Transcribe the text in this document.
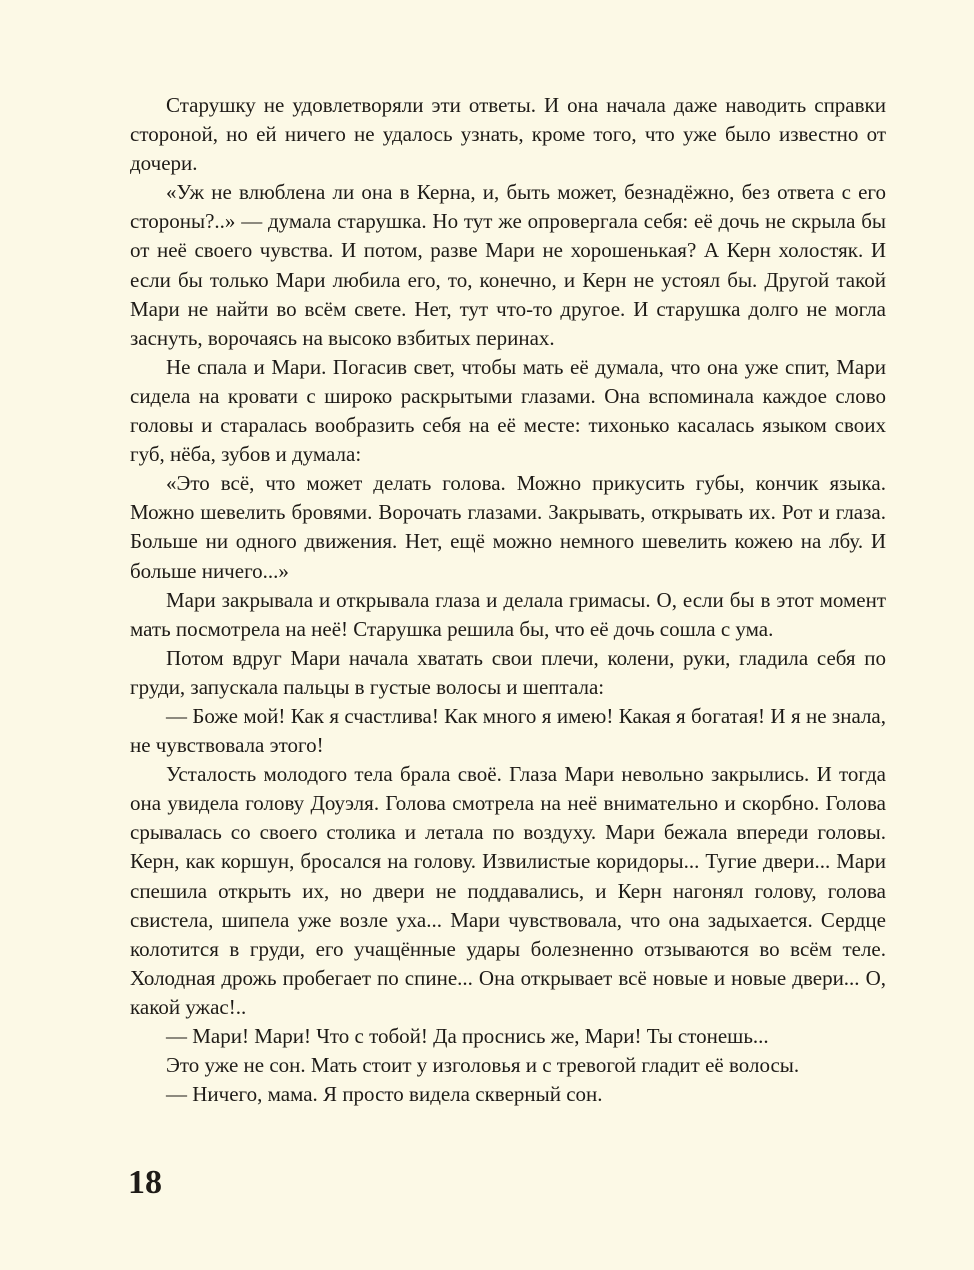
Старушку не удовлетворяли эти ответы. И она начала даже наводить справки стороной, но ей ничего не удалось узнать, кроме того, что уже было известно от дочери.

«Уж не влюблена ли она в Керна, и, быть может, безнадёжно, без ответа с его стороны?..» — думала старушка. Но тут же опровергала себя: её дочь не скрыла бы от неё своего чувства. И потом, разве Мари не хорошенькая? А Керн холостяк. И если бы только Мари любила его, то, конечно, и Керн не устоял бы. Другой такой Мари не найти во всём свете. Нет, тут что-то другое. И старушка долго не могла заснуть, ворочаясь на высоко взбитых перинах.

Не спала и Мари. Погасив свет, чтобы мать её думала, что она уже спит, Мари сидела на кровати с широко раскрытыми глазами. Она вспоминала каждое слово головы и старалась вообразить себя на её месте: тихонько касалась языком своих губ, нёба, зубов и думала:

«Это всё, что может делать голова. Можно прикусить губы, кончик языка. Можно шевелить бровями. Ворочать глазами. Закрывать, открывать их. Рот и глаза. Больше ни одного движения. Нет, ещё можно немного шевелить кожею на лбу. И больше ничего...»

Мари закрывала и открывала глаза и делала гримасы. О, если бы в этот момент мать посмотрела на неё! Старушка решила бы, что её дочь сошла с ума.

Потом вдруг Мари начала хватать свои плечи, колени, руки, гладила себя по груди, запускала пальцы в густые волосы и шептала:

— Боже мой! Как я счастлива! Как много я имею! Какая я богатая! И я не знала, не чувствовала этого!

Усталость молодого тела брала своё. Глаза Мари невольно закрылись. И тогда она увидела голову Доуэля. Голова смотрела на неё внимательно и скорбно. Голова срывалась со своего столика и летала по воздуху. Мари бежала впереди головы. Керн, как коршун, бросался на голову. Извилистые коридоры... Тугие двери... Мари спешила открыть их, но двери не поддавались, и Керн нагонял голову, голова свистела, шипела уже возле уха... Мари чувствовала, что она задыхается. Сердце колотится в груди, его учащённые удары болезненно отзываются во всём теле. Холодная дрожь пробегает по спине... Она открывает всё новые и новые двери... О, какой ужас!..

— Мари! Мари! Что с тобой! Да проснись же, Мари! Ты стонешь...

Это уже не сон. Мать стоит у изголовья и с тревогой гладит её волосы.

— Ничего, мама. Я просто видела скверный сон.

18
